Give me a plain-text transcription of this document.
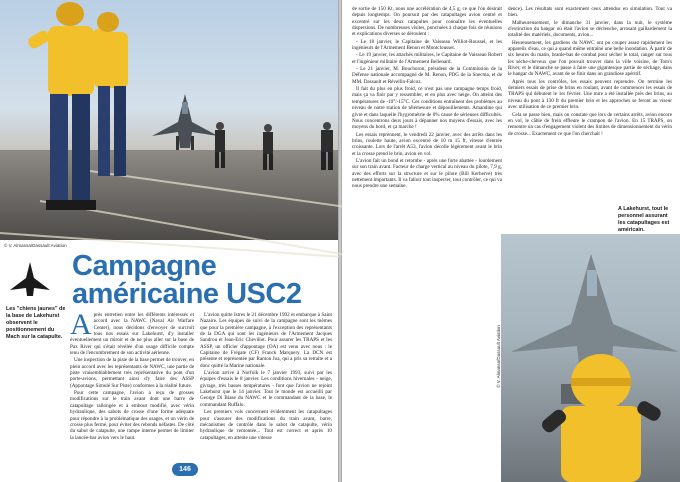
© V. Almansa/Dassault Aviation
Les "chiens jaunes" de la base de Lakehurst observent le positionnement du Mach sur la catapulte.
Campagne
américaine USC2
A près entretien entre les différents intéressés et accord avec la NAWC (Naval Air Warfare Center), nous décidons d'envoyer de surcroît tous nos essais sur Lakehurst, d'y installer éventuellement un miroir et de ne plus aller sur la base de Pax River qui s'était révélée d'un usage difficile compte tenu de l'encombrement de son activité aérienne.

Une inspection de la piste de la base permet de trouver, en plein accord avec les représentants de NAWC, une partie de piste vraisemblablement très représentative du pont d'un porte-avions, permettant ainsi d'y faire des ASSP (Appontage Simulé Sur Piste) conformes à la réalité future.

Pour cette campagne, l'avion a reçu de grosses modifications sur le train avant dont une barre de catapultage rallongée et à embout modifié, avec vérin hydraulique, des sabots de crosse d'une forme adéquate pour répondre à la problématique des usages, et un vérin de crosse plus fermé, pour éviter des rebonds néfastes. De côté du sabot de catapulte, une rampe interne permet de limiter la lancée-bar avion vers le haut.

L'avion quitte Istres le 21 décembre 1992 et embarque à Saint Nazaire. Les équipes de suivi de la campagne sont les mêmes que pour la première campagne, à l'exception des représentants de la DGA qui sont les ingénieurs de l'Armement Jacques Sandrou et Jean-Eric Chevillot. Pour assurer les TRAPS et les ASSP, un officier d'appontage (OA) est venu avec nous : le Capitaine de Frégate (CF) Franck Marquery. La DCN est présente et représentée par Ramon Joa, qui a pris sa retraite et a donc quitté la Marine nationale.

L'avion arrive à Norfolk le 7 janvier 1993, suivi par les équipes d'essais le 8 janvier. Les conditions hivernales - neige, givrage, très basses températures - font que l'avion ne rejoint Lakehurst que le 14 janvier. Tout le monde est accueilli par George Di Biase du NAWC et le commandant de la base, le commandant Ruffalo.

Les premiers vols concernent évidemment les catapultages pour s'assurer des modifications du train avant, barre, mécanismes de contrôle dans le sabot de catapulte, vérin hydraulique de remontée... Tout est correct et après 10 catapultages, en attente une vitesse

146

de sortie de 150 Kt, nous une accélération de 4,5 g, ce que l'on désirait depuis longtemps. On poursuit par des catapultages avion centré et excentré sur les deux catapultes pour connaître les éventuelles dispersions. De nombreuses visites, ponctuées à chaque fois de réunions et explications diverses se déroulent :

- Le 18 janvier, le Capitaine de Vaisseau Williot-Roussel, et les ingénieurs de l'Armement Benon et Montclousset.

- Le 19 janvier, les attachés militaires, le Capitaine de Vaisseau Robert et l'ingénieur militaire de l'Armement Bellenard.

- Le 21 janvier, M. Bouchoron, président de la Commission de la Défense nationale accompagné de M. Renon, PDG de la Snecma, et de MM. Dassault et Révellin-Falcoz.

Il fait du plus en plus froid, ce n'est pas une campagne temps froid, mais ça va finir par y ressembler, et en plus avec neige. On atteint des températures de -10°/-15°C. Ces conditions entraînent des problèmes au niveau de notre station de télémesure et dépouillements. Amandine qui givre et dans laquelle l'hygrométrie de 0% cause de sérieuses difficultés. Nous concentrons deux jours à dépanner nos moyens d'essais, avec les moyens du bord, et ça marche !

Les essais reprennent, le vendredi 22 janvier, avec des arrêts dans les brins, roulette haute, avion excentré de 10 m 15 ft, vitesse d'entrée croissante. Lors de l'arrêt A53, l'avion décolle légèrement avant le brin et la crosse prend le brin, avion en vol.

L'avion fait un bond et retombe - après une forte abattée - lourdement sur son train avant. Facteur de charge vertical au niveau du pilote, 7,9 g, avec des efforts sur la structure et sur le pilote (Bill Kerherve) très nettement importants. Il va falloir tout inspecter, tout contrôler, ce qui va nous prendre une semaine.

dence). Les résultats sont exactement ceux attendus en simulation. Tout va bien.

Malheureusement, le dimanche 31 janvier, dans la nuit, le système d'extinction du hangar où était l'avion se déclenche, arrosant gaillardement la totalité des matériels, documents, avion...

Heureusement, les gardiens du NAWC ont pu couper assez rapidement les appareils d'eau, ce qui a quand même entraîné une belle inondation. À partir de six heures du matin, branle-bas de combat pour sécher le total, ranger sur tous les séche-cheveux que l'on pouvait trouver dans la ville voisine, de Tom's River, et le dimanche se passe à faire une gigantesque partie de séchage, dans le hangar du NAWC, avant de se finir dans un grandiose apéritif.

Après tous les contrôles, les essais peuvent reprendre. On termine les derniers essais de prise de brins en roulant, avant de commencer les essais de TRAPS qui débutent le 1er février. Une mire a été installée près des brins, au niveau du pont à 130 ft du premier brin et les approches se feront au viseur avec utilisation de ce premier brin.

Cela se passe bien, mais on constate que lors de certains arrêts, avion encore en vol, le câble de frein effleure le crampon de l'avion. En 15 TRAPS, on remontre un cas d'engagement violent des limites de dimensionnement du vérin de crosse... Exactement ce que l'on cherchait !

A Lakehurst, tout le personnel assurant les catapultages est américain.
© V. Almansa/Dassault Aviation
